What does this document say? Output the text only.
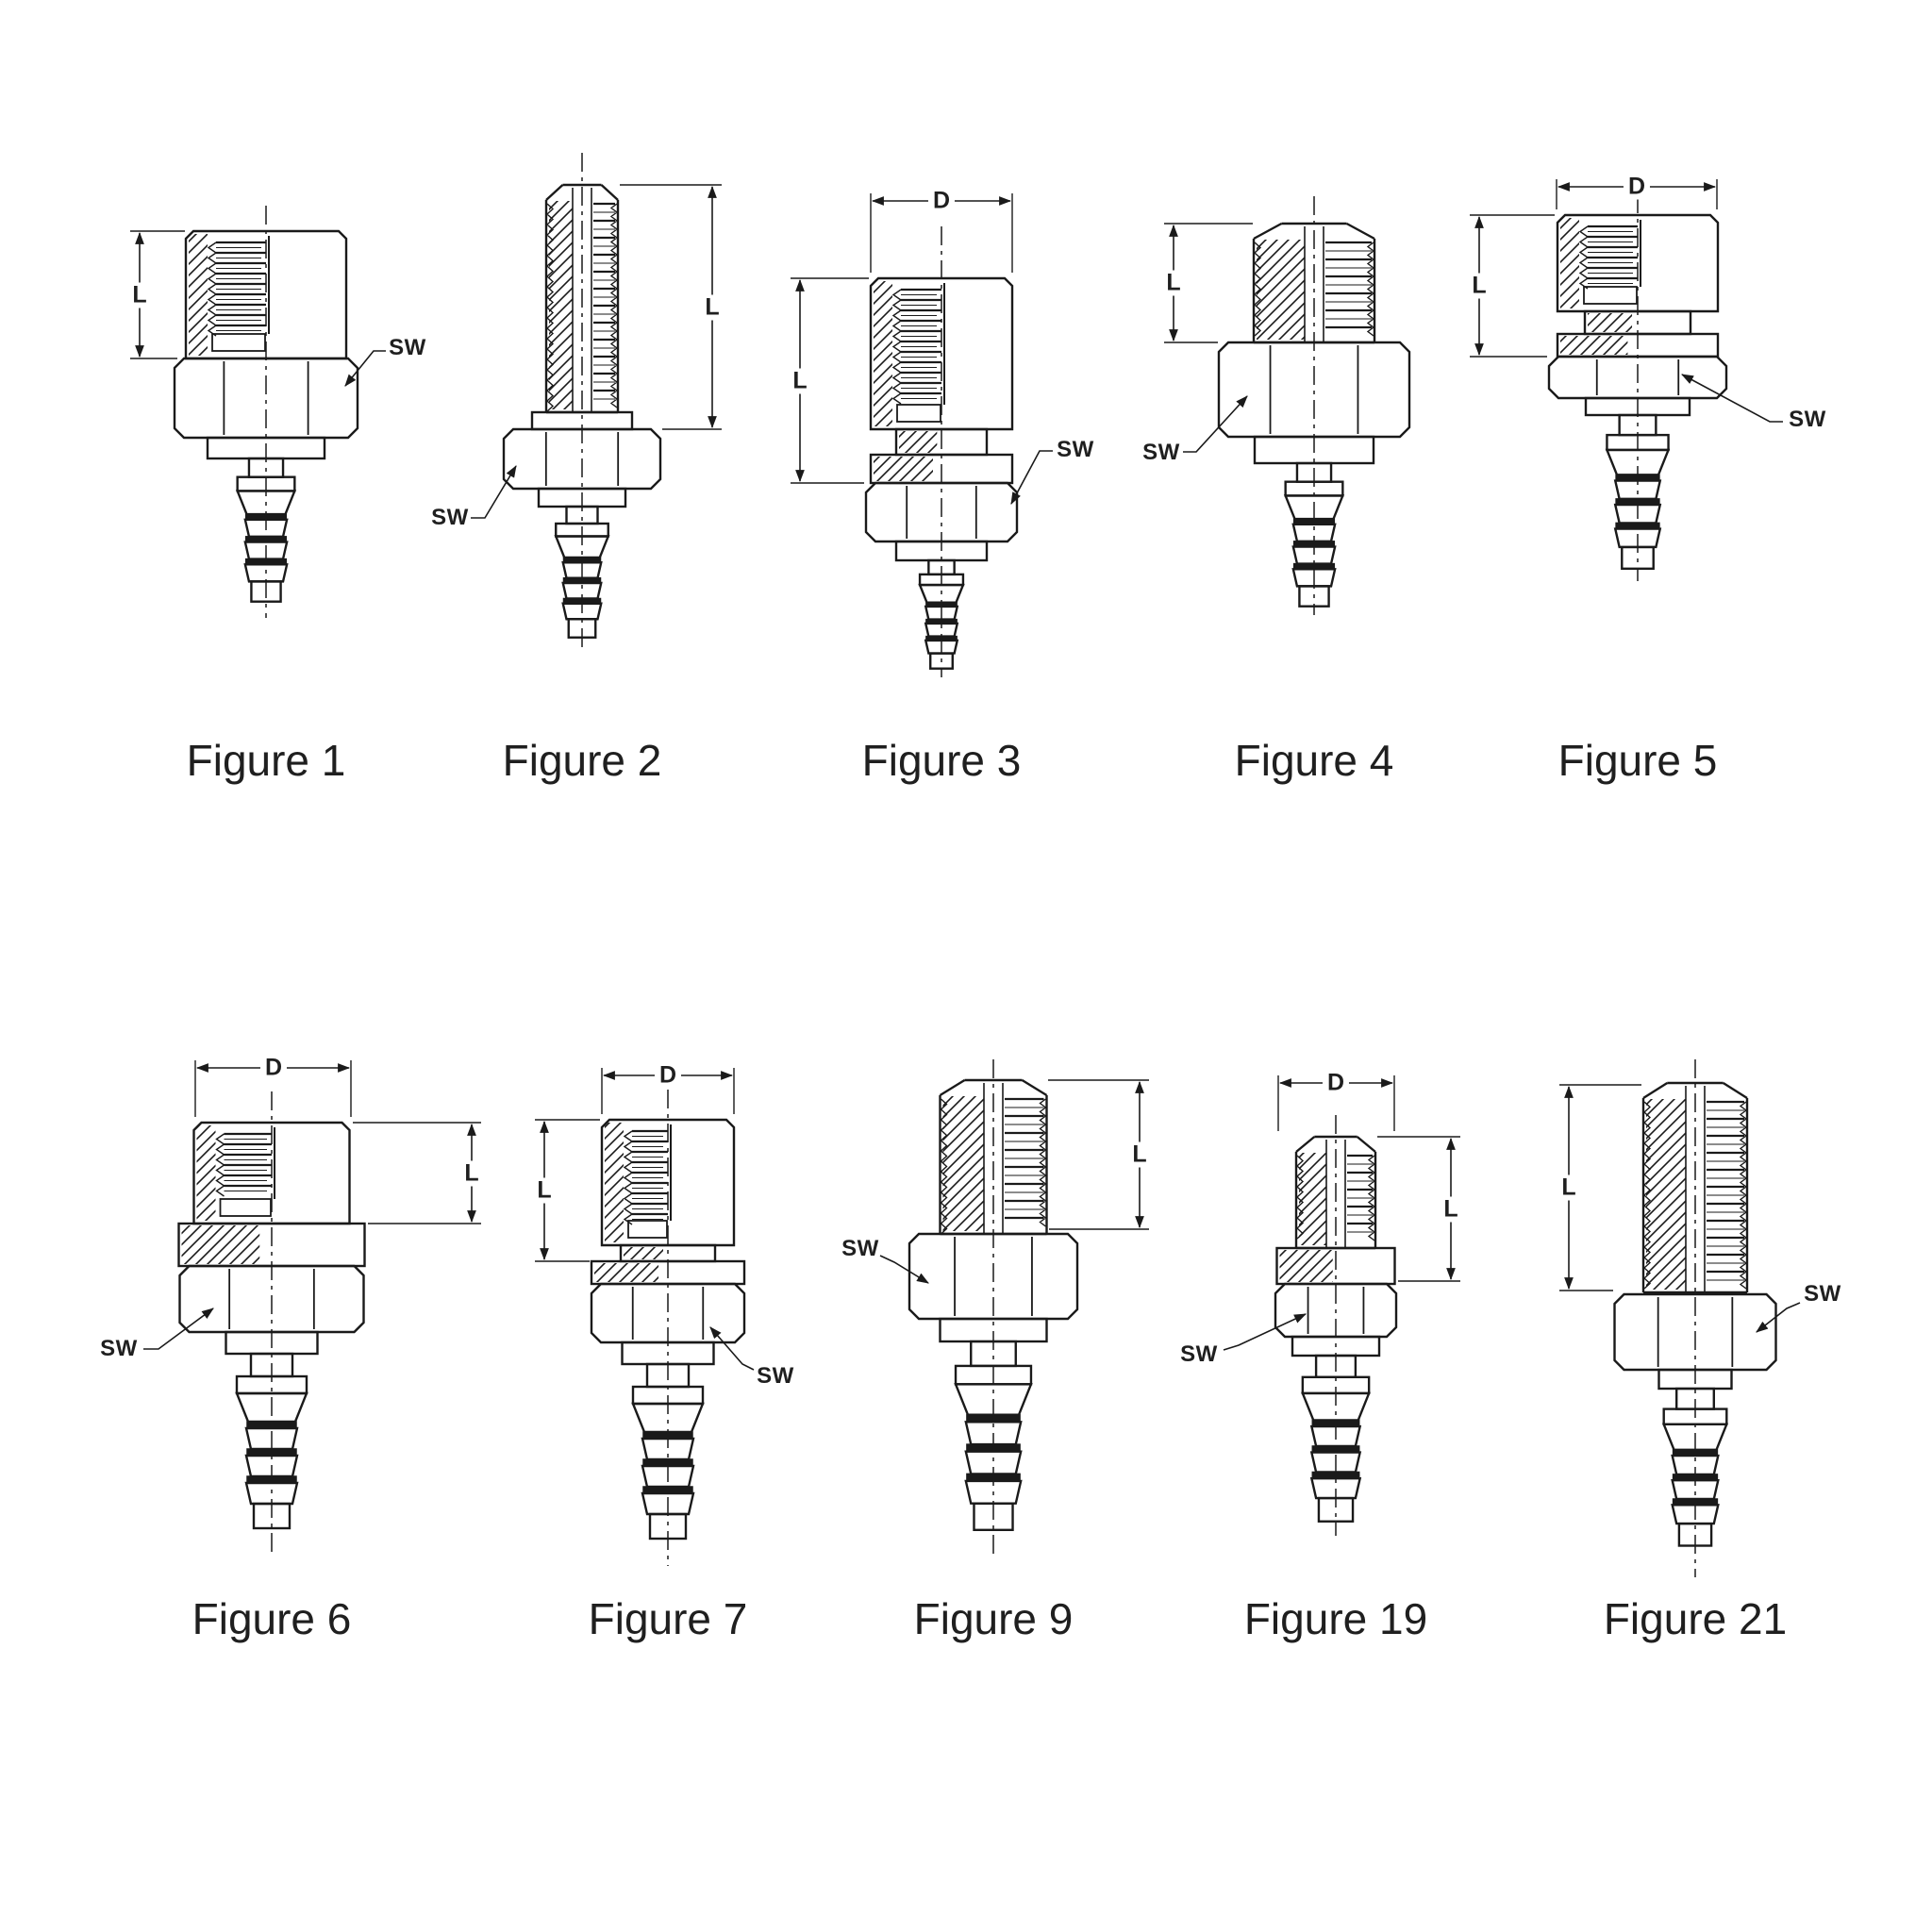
L	L
L
L	L
L
L
L
L
L
D
D
D	D	D
SW
SW
SW SW
SW
SW
SW
SW
SW
SW
Figure 1	Figure 2	Figure 3	Figure 4	Figure 5
Figure 6	Figure 7	Figure 9	Figure 19	Figure 21
